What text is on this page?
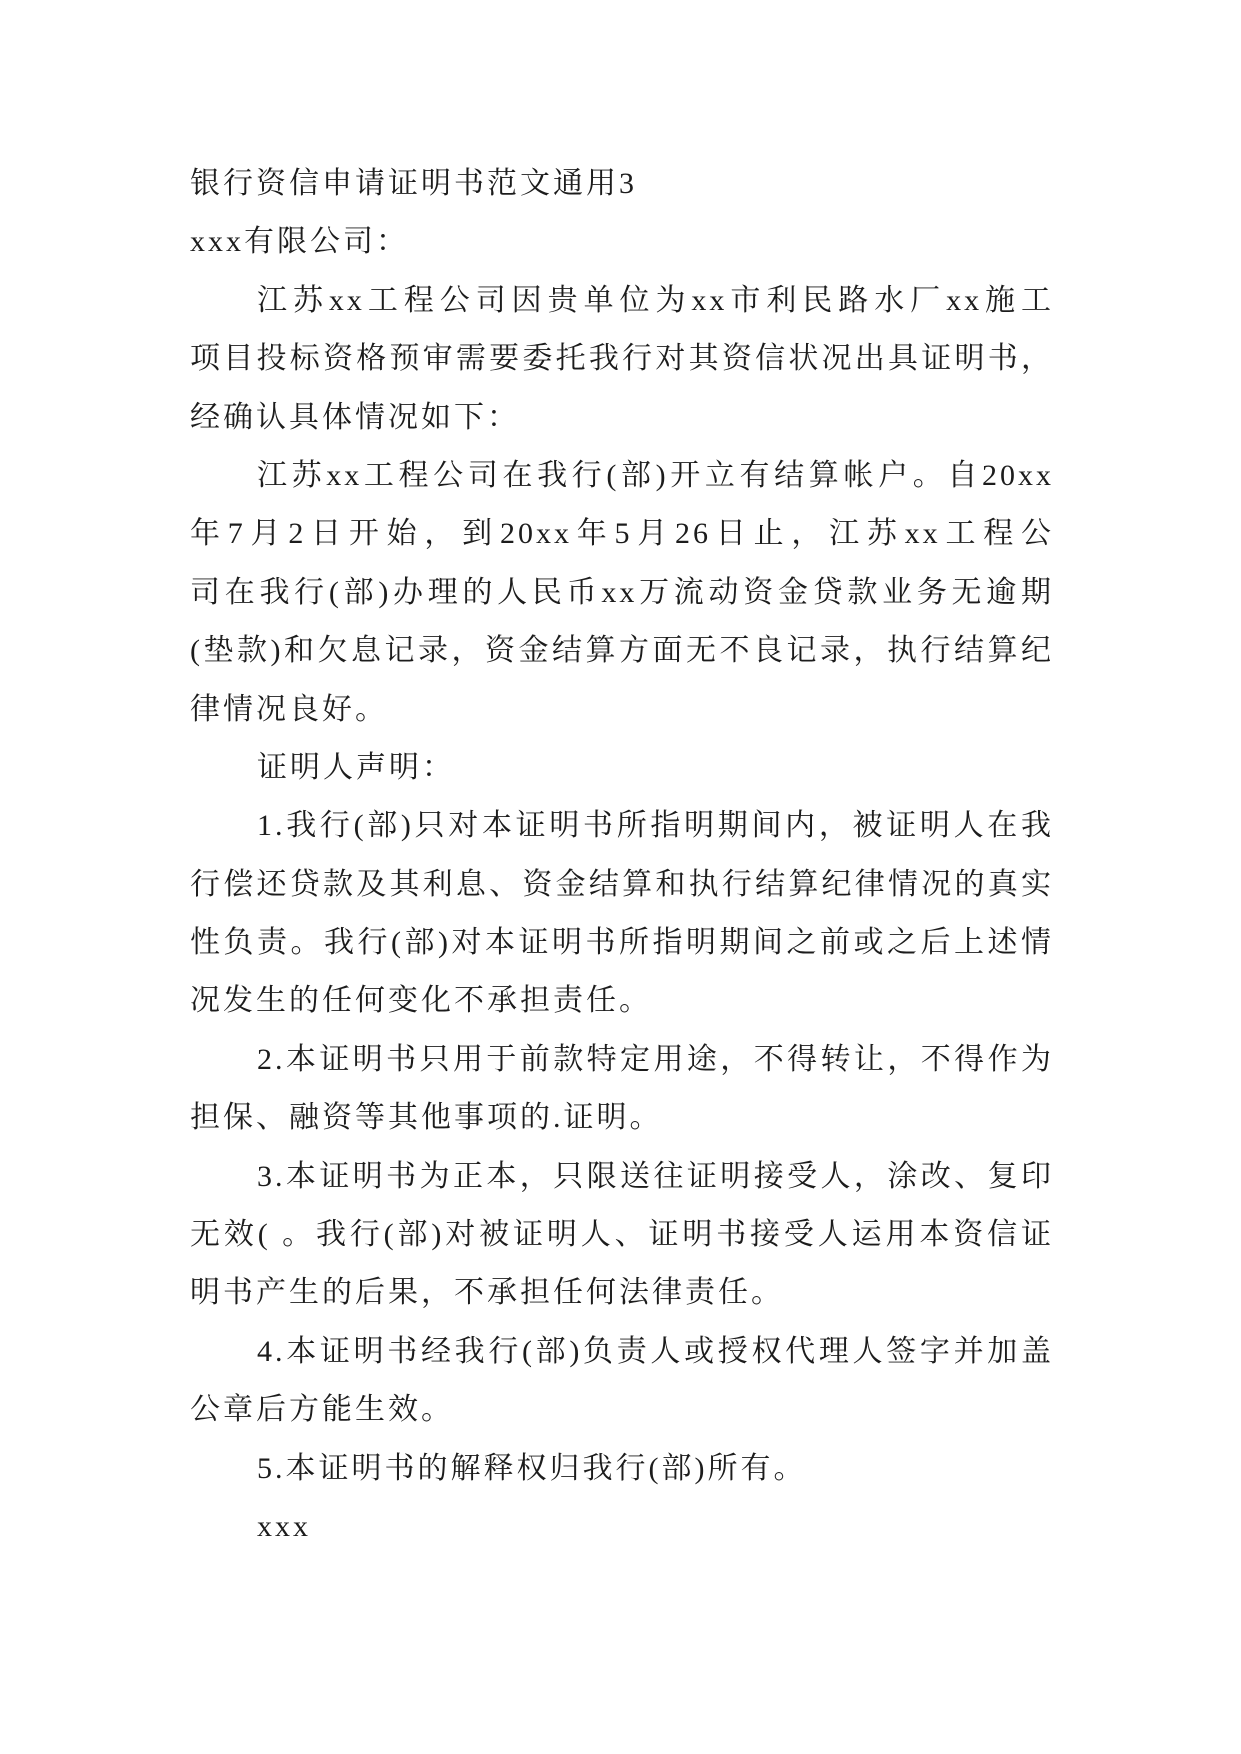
银行资信申请证明书范文通用3
xxx有限公司：
江苏xx工程公司因贵单位为xx市利民路水厂xx施工
项目投标资格预审需要委托我行对其资信状况出具证明书，
经确认具体情况如下：
江苏xx工程公司在我行(部)开立有结算帐户。自20xx
年7月2日开始，到20xx年5月26日止，江苏xx工程公
司在我行(部)办理的人民币xx万流动资金贷款业务无逾期
(垫款)和欠息记录，资金结算方面无不良记录，执行结算纪
律情况良好。
证明人声明：
1.我行(部)只对本证明书所指明期间内，被证明人在我
行偿还贷款及其利息、资金结算和执行结算纪律情况的真实
性负责。我行(部)对本证明书所指明期间之前或之后上述情
况发生的任何变化不承担责任。
2.本证明书只用于前款特定用途，不得转让，不得作为
担保、融资等其他事项的.证明。
3.本证明书为正本，只限送往证明接受人，涂改、复印
无效( 。我行(部)对被证明人、证明书接受人运用本资信证
明书产生的后果，不承担任何法律责任。
4.本证明书经我行(部)负责人或授权代理人签字并加盖
公章后方能生效。
5.本证明书的解释权归我行(部)所有。
xxx
